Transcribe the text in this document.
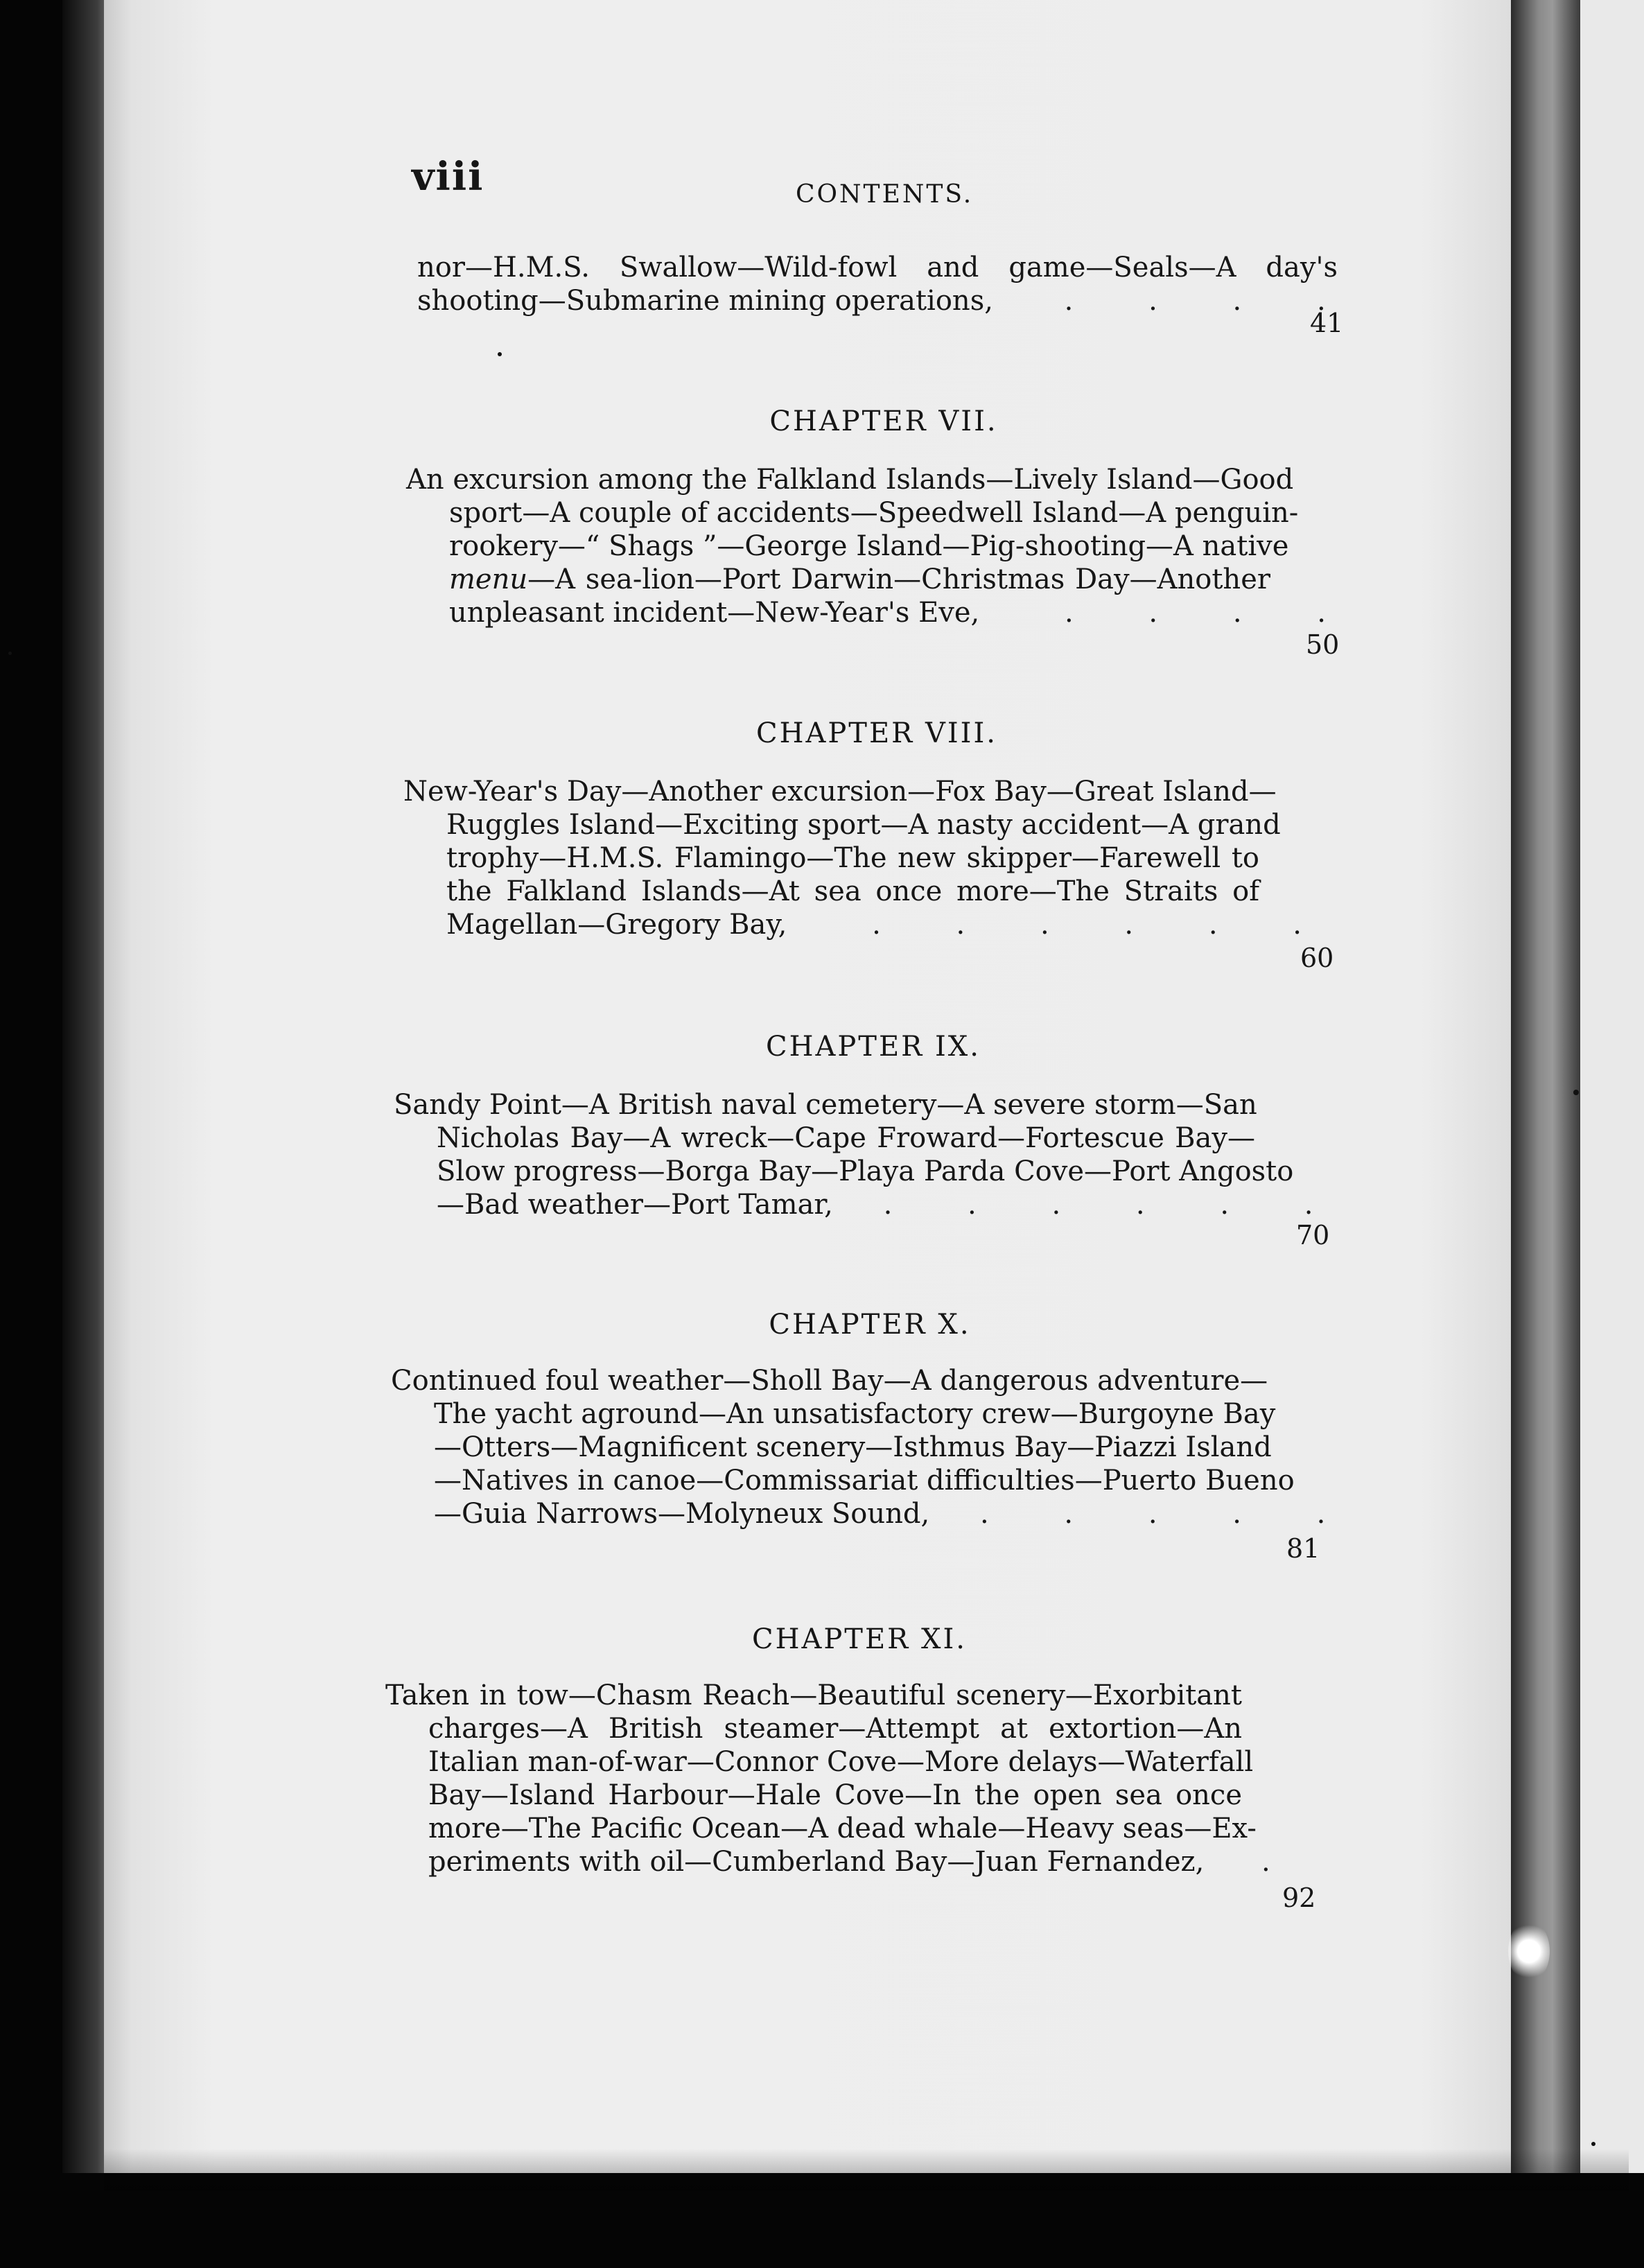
viii	CONTENTS.
nor—H.M.S. Swallow—Wild-fowl and game—Seals—A day's
shooting—Submarine mining operations,	. . . .
41
CHAPTER VII.
An excursion among the Falkland Islands—Lively Island—Good
sport—A couple of accidents—Speedwell Island—A penguin-
rookery—“ Shags ”—George Island—Pig-shooting—A native
menu—A sea-lion—Port Darwin—Christmas Day—Another
unpleasant incident—New-Year's Eve,	. . . .
50
CHAPTER VIII.
New-Year's Day—Another excursion—Fox Bay—Great Island—
Ruggles Island—Exciting sport—A nasty accident—A grand
trophy—H.M.S. Flamingo—The new skipper—Farewell to
the Falkland Islands—At sea once more—The Straits of
Magellan—Gregory Bay,	. . . . . .
60
CHAPTER IX.
Sandy Point—A British naval cemetery—A severe storm—San
Nicholas Bay—A wreck—Cape Froward—Fortescue Bay—
Slow progress—Borga Bay—Playa Parda Cove—Port Angosto
—Bad weather—Port Tamar, . . . . . .
70
CHAPTER X.
Continued foul weather—Sholl Bay—A dangerous adventure—
The yacht aground—An unsatisfactory crew—Burgoyne Bay
—Otters—Magnificent scenery—Isthmus Bay—Piazzi Island
—Natives in canoe—Commissariat difficulties—Puerto Bueno
—Guia Narrows—Molyneux Sound, . . . . .
81
CHAPTER XI.
Taken in tow—Chasm Reach—Beautiful scenery—Exorbitant
charges—A British steamer—Attempt at extortion—An
Italian man-of-war—Connor Cove—More delays—Waterfall
Bay—Island Harbour—Hale Cove—In the open sea once
more—The Pacific Ocean—A dead whale—Heavy seas—Ex-
periments with oil—Cumberland Bay—Juan Fernandez, .
92
